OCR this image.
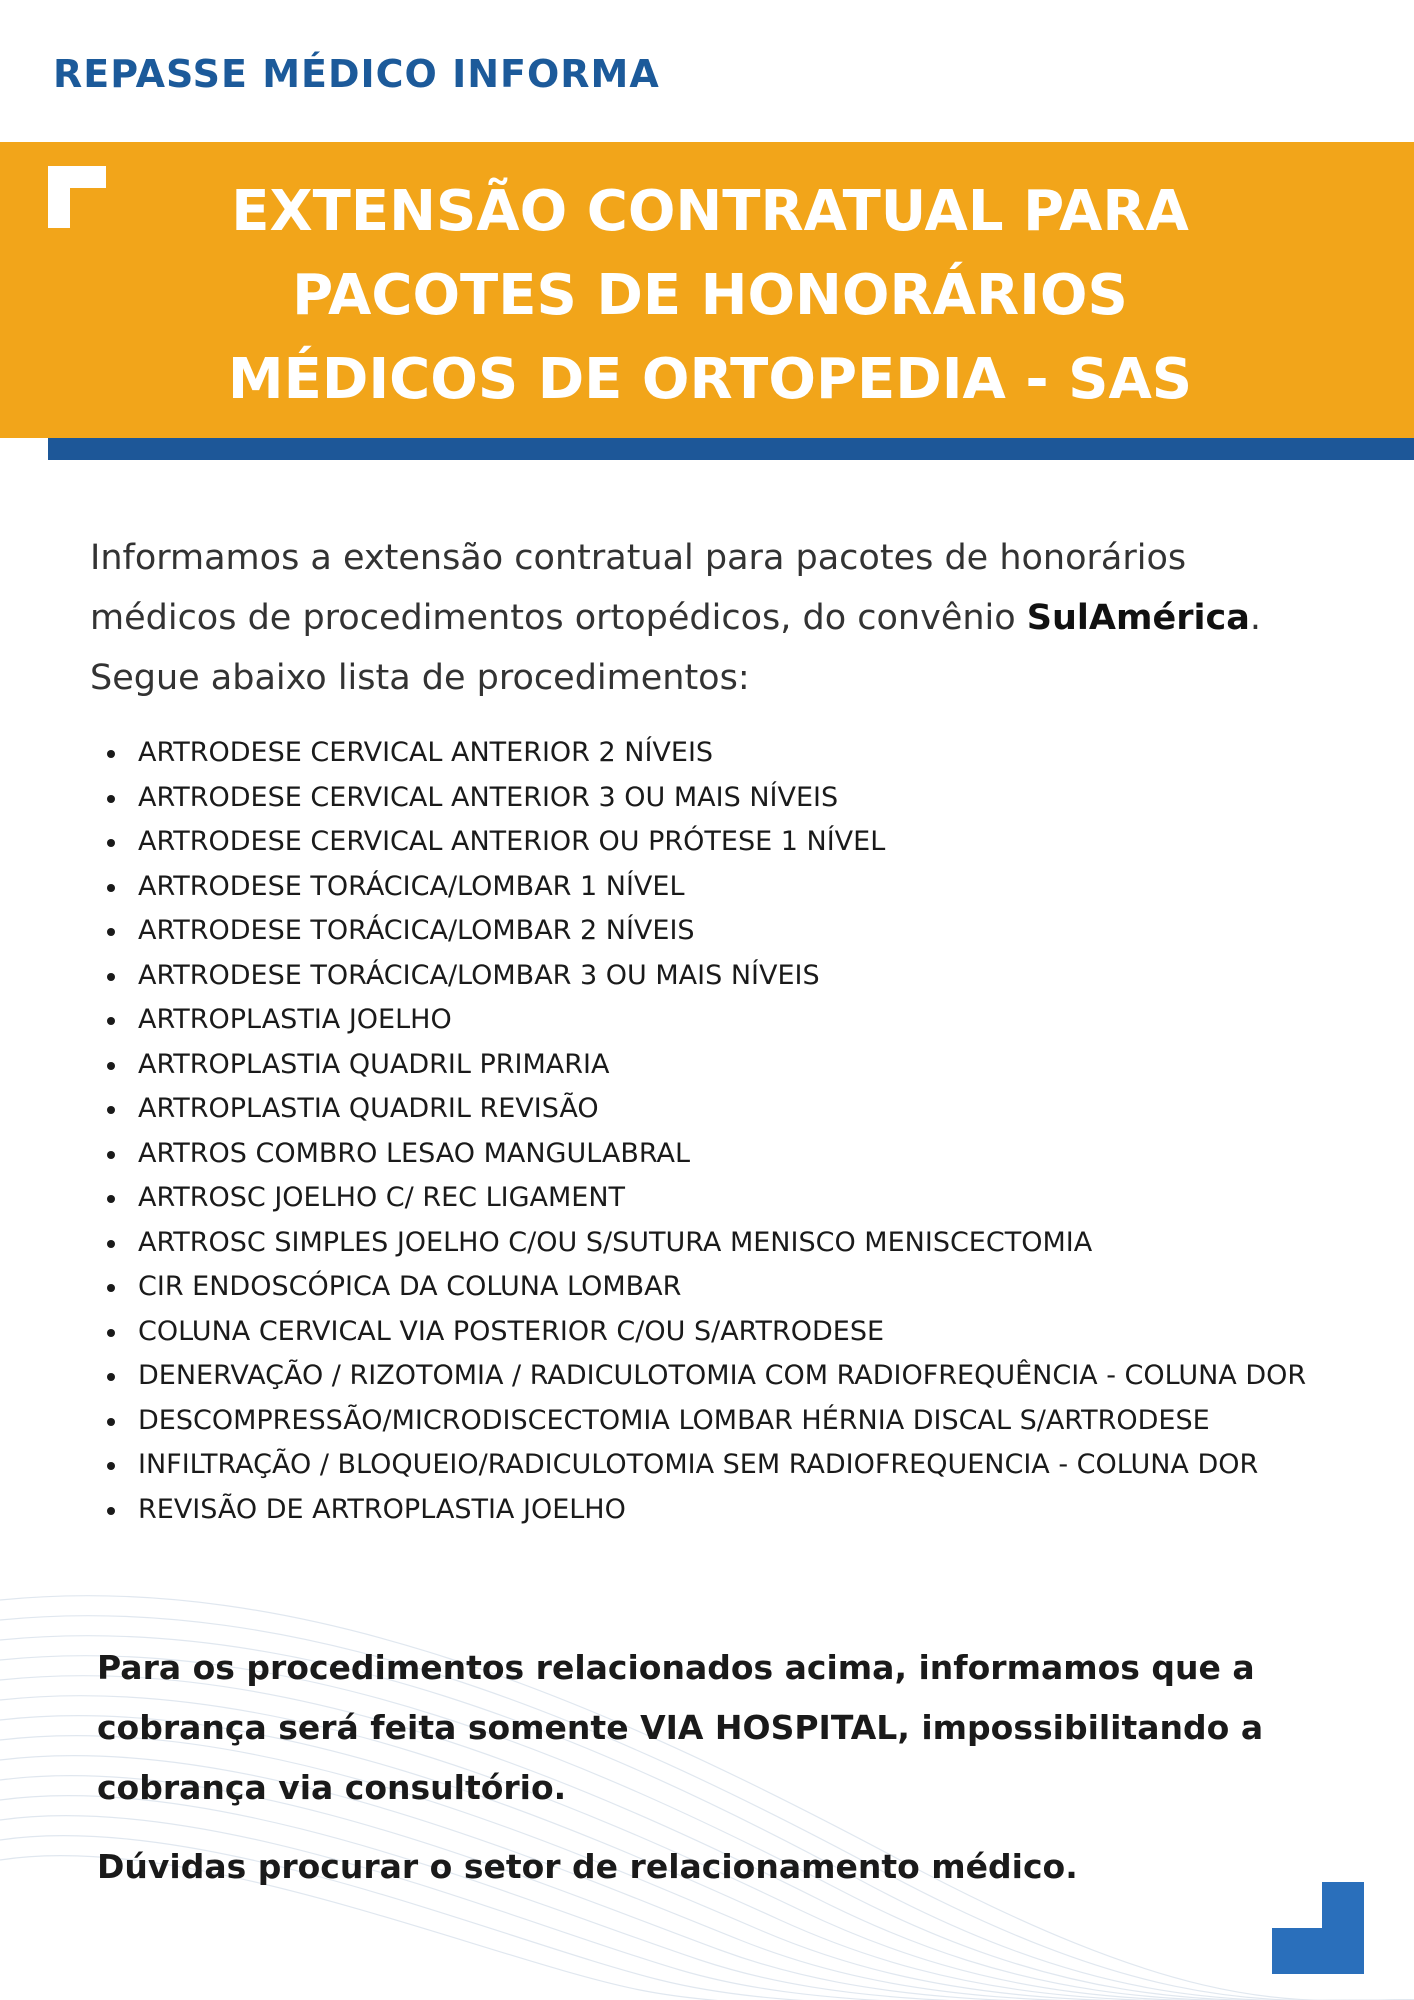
REPASSE MÉDICO INFORMA
EXTENSÃO CONTRATUAL PARA
PACOTES DE HONORÁRIOS
MÉDICOS DE ORTOPEDIA - SAS
Informamos a extensão contratual para pacotes de honorários médicos de procedimentos ortopédicos, do convênio SulAmérica. Segue abaixo lista de procedimentos:
ARTRODESE CERVICAL ANTERIOR 2 NÍVEIS
ARTRODESE CERVICAL ANTERIOR 3 OU MAIS NÍVEIS
ARTRODESE CERVICAL ANTERIOR OU PRÓTESE 1 NÍVEL
ARTRODESE TORÁCICA/LOMBAR 1 NÍVEL
ARTRODESE TORÁCICA/LOMBAR 2 NÍVEIS
ARTRODESE TORÁCICA/LOMBAR 3 OU MAIS NÍVEIS
ARTROPLASTIA JOELHO
ARTROPLASTIA QUADRIL PRIMARIA
ARTROPLASTIA QUADRIL REVISÃO
ARTROS COMBRO LESAO MANGULABRAL
ARTROSC JOELHO C/ REC LIGAMENT
ARTROSC SIMPLES JOELHO C/OU S/SUTURA MENISCO MENISCECTOMIA
CIR ENDOSCÓPICA DA COLUNA LOMBAR
COLUNA CERVICAL VIA POSTERIOR C/OU S/ARTRODESE
DENERVAÇÃO / RIZOTOMIA / RADICULOTOMIA COM RADIOFREQUÊNCIA - COLUNA DOR
DESCOMPRESSÃO/MICRODISCECTOMIA LOMBAR HÉRNIA DISCAL S/ARTRODESE
INFILTRAÇÃO / BLOQUEIO/RADICULOTOMIA SEM RADIOFREQUENCIA - COLUNA DOR
REVISÃO DE ARTROPLASTIA JOELHO
Para os procedimentos relacionados acima, informamos que a cobrança será feita somente VIA HOSPITAL, impossibilitando a cobrança via consultório.
Dúvidas procurar o setor de relacionamento médico.
